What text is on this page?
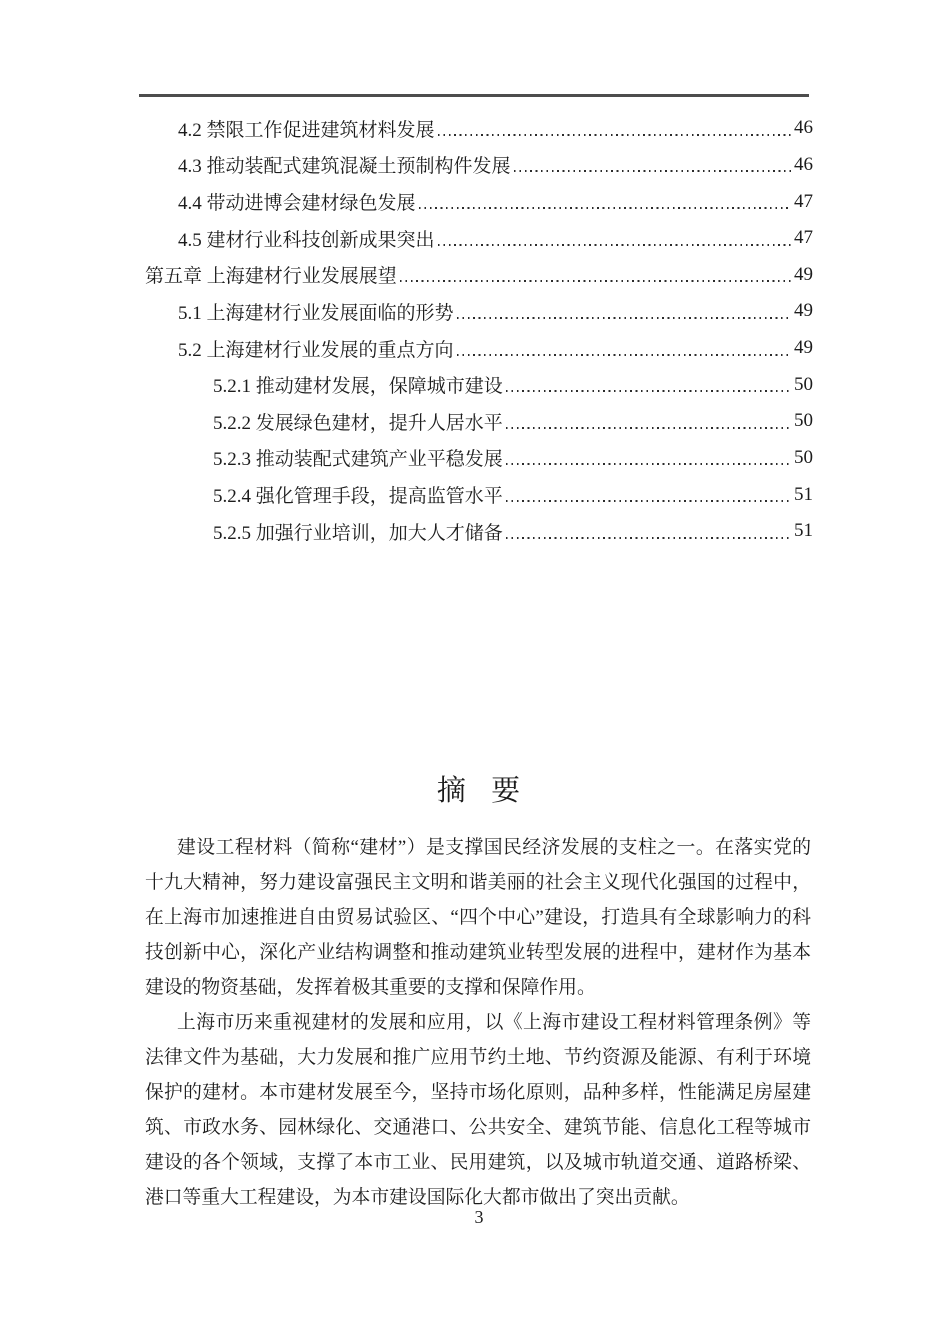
4.2 禁限工作促进建筑材料发展	46
4.3 推动装配式建筑混凝土预制构件发展	46
4.4 带动进博会建材绿色发展	47
4.5 建材行业科技创新成果突出	47
第五章 上海建材行业发展展望	49
5.1 上海建材行业发展面临的形势	49
5.2 上海建材行业发展的重点方向	49
5.2.1 推动建材发展，保障城市建设	50
5.2.2 发展绿色建材，提升人居水平	50
5.2.3 推动装配式建筑产业平稳发展	50
5.2.4 强化管理手段，提高监管水平	51
5.2.5 加强行业培训，加大人才储备	51
摘 要
建设工程材料（简称“建材”）是支撑国民经济发展的支柱之一。在落实党的
十九大精神，努力建设富强民主文明和谐美丽的社会主义现代化强国的过程中，
在上海市加速推进自由贸易试验区、“四个中心”建设，打造具有全球影响力的科
技创新中心，深化产业结构调整和推动建筑业转型发展的进程中，建材作为基本
建设的物资基础，发挥着极其重要的支撑和保障作用。
上海市历来重视建材的发展和应用，以《上海市建设工程材料管理条例》等
法律文件为基础，大力发展和推广应用节约土地、节约资源及能源、有利于环境
保护的建材。本市建材发展至今，坚持市场化原则，品种多样，性能满足房屋建
筑、市政水务、园林绿化、交通港口、公共安全、建筑节能、信息化工程等城市
建设的各个领域，支撑了本市工业、民用建筑，以及城市轨道交通、道路桥梁、
港口等重大工程建设，为本市建设国际化大都市做出了突出贡献。
3
